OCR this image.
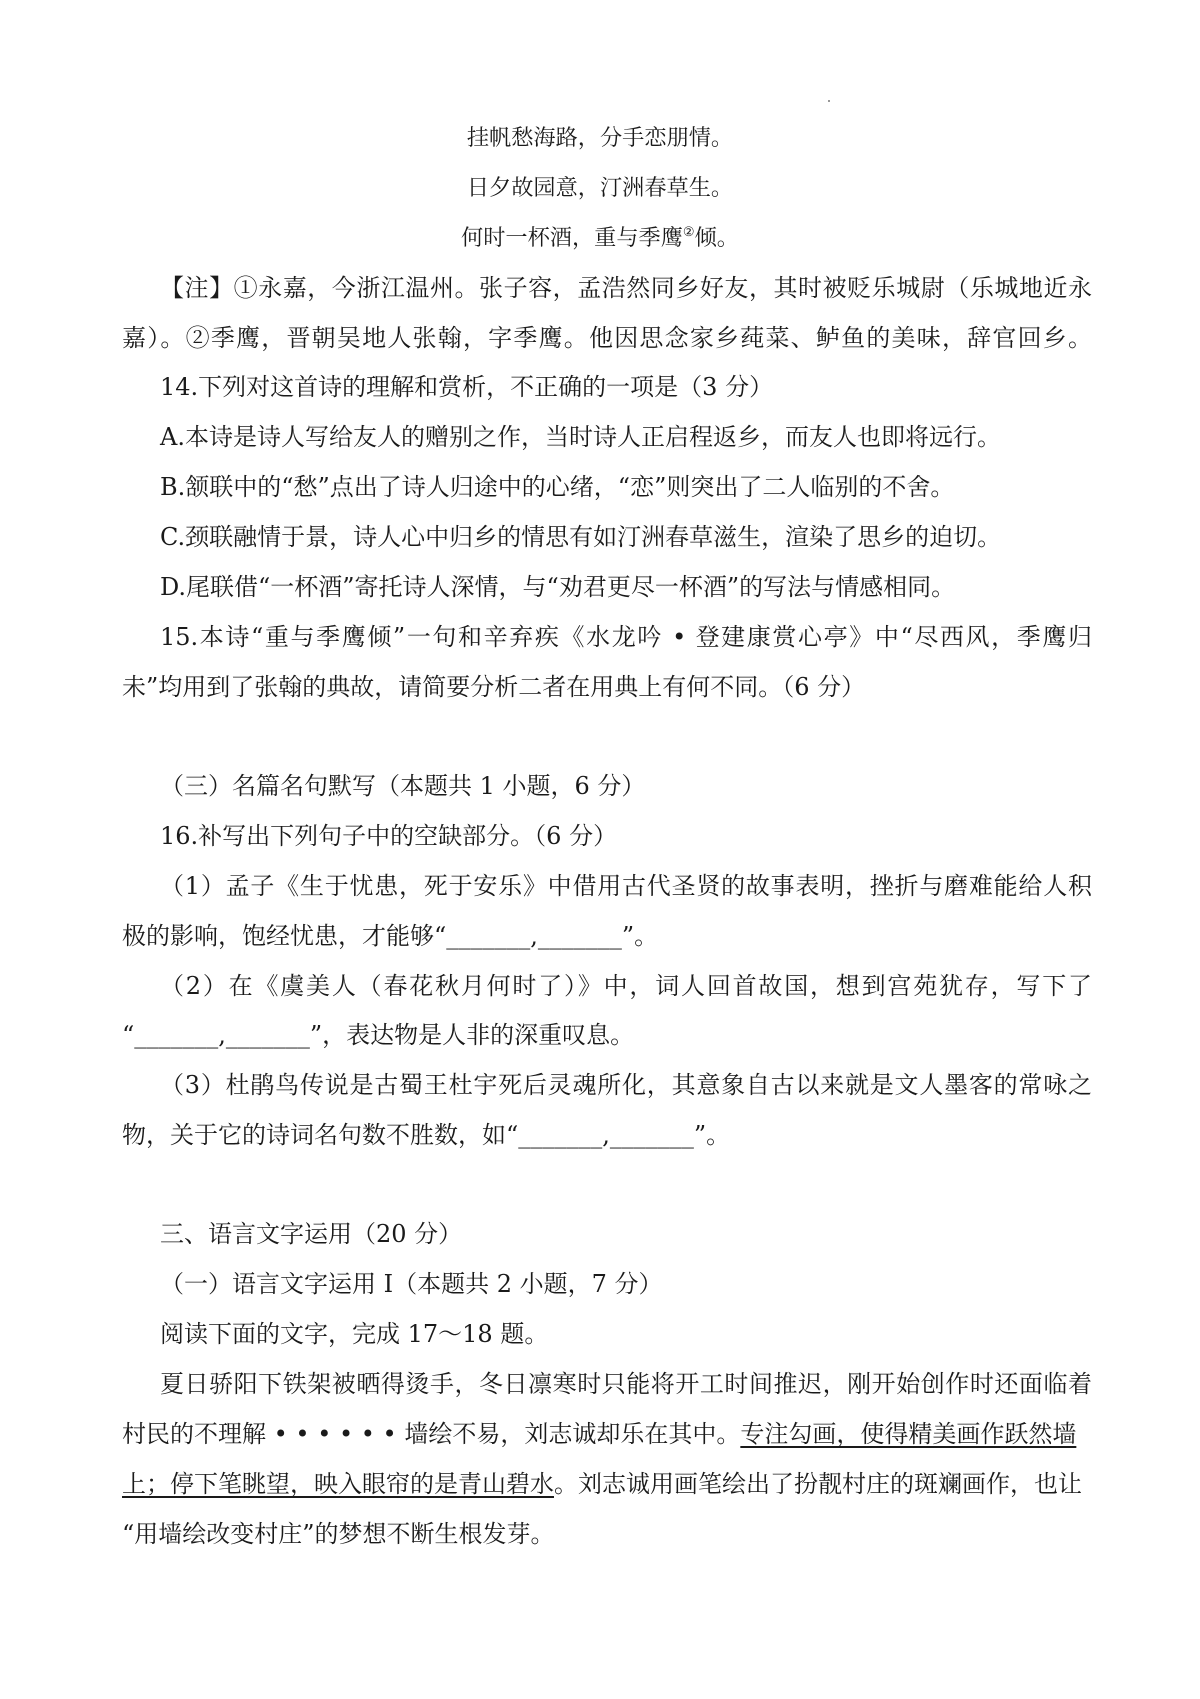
挂帆愁海路，分手恋朋情。
日夕故园意，汀洲春草生。
何时一杯酒，重与季鹰②倾。
【注】①永嘉，今浙江温州。张子容，孟浩然同乡好友，其时被贬乐城尉（乐城地近永
嘉）。②季鹰，晋朝吴地人张翰，字季鹰。他因思念家乡莼菜、鲈鱼的美味，辞官回乡。
14.下列对这首诗的理解和赏析，不正确的一项是（3 分）
A.本诗是诗人写给友人的赠别之作，当时诗人正启程返乡，而友人也即将远行。
B.颔联中的“愁”点出了诗人归途中的心绪，“恋”则突出了二人临别的不舍。
C.颈联融情于景，诗人心中归乡的情思有如汀洲春草滋生，渲染了思乡的迫切。
D.尾联借“一杯酒”寄托诗人深情，与“劝君更尽一杯酒”的写法与情感相同。
15.本诗“重与季鹰倾”一句和辛弃疾《水龙吟 • 登建康赏心亭》中“尽西风，季鹰归
未”均用到了张翰的典故，请简要分析二者在用典上有何不同。（6 分）
（三）名篇名句默写（本题共 1 小题，6 分）
16.补写出下列句子中的空缺部分。（6 分）
（1）孟子《生于忧患，死于安乐》中借用古代圣贤的故事表明，挫折与磨难能给人积
极的影响，饱经忧患，才能够“_______,_______”。
（2）在《虞美人（春花秋月何时了）》中，词人回首故国，想到宫苑犹存，写下了
“_______,_______”，表达物是人非的深重叹息。
（3）杜鹃鸟传说是古蜀王杜宇死后灵魂所化，其意象自古以来就是文人墨客的常咏之
物，关于它的诗词名句数不胜数，如“_______,_______”。
三、语言文字运用（20 分）
（一）语言文字运用 I（本题共 2 小题，7 分）
阅读下面的文字，完成 17～18 题。
夏日骄阳下铁架被晒得烫手，冬日凛寒时只能将开工时间推迟，刚开始创作时还面临着
村民的不理解 • • • • • • 墙绘不易，刘志诚却乐在其中。专注勾画，使得精美画作跃然墙
上；停下笔眺望，映入眼帘的是青山碧水。刘志诚用画笔绘出了扮靓村庄的斑斓画作，也让
“用墙绘改变村庄”的梦想不断生根发芽。
